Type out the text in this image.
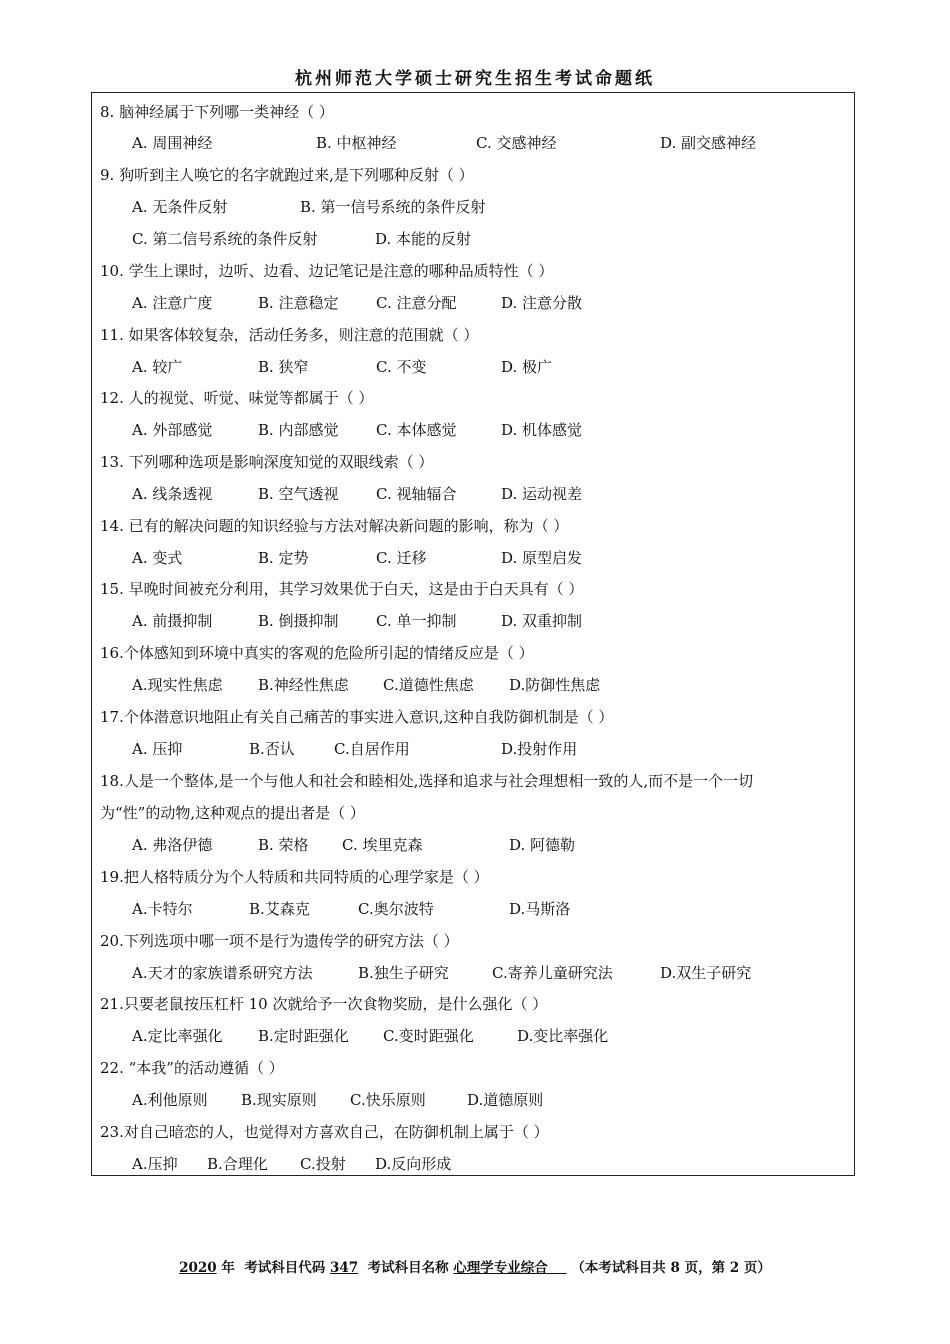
杭州师范大学硕士研究生招生考试命题纸
8. 脑神经属于下列哪一类神经（ ）
9. 狗听到主人唤它的名字就跑过来,是下列哪种反射（ ）
10. 学生上课时，边听、边看、边记笔记是注意的哪种品质特性（ ）
11. 如果客体较复杂，活动任务多，则注意的范围就（ ）
12. 人的视觉、听觉、味觉等都属于（ ）
13. 下列哪种选项是影响深度知觉的双眼线索（ ）
14. 已有的解决问题的知识经验与方法对解决新问题的影响，称为（ ）
15. 早晚时间被充分利用，其学习效果优于白天，这是由于白天具有（ ）
16.个体感知到环境中真实的客观的危险所引起的情绪反应是（ ）
17.个体潜意识地阻止有关自己痛苦的事实进入意识,这种自我防御机制是（ ）
18.人是一个整体,是一个与他人和社会和睦相处,选择和追求与社会理想相一致的人,而不是一个一切
为“性”的动物,这种观点的提出者是（ ）
19.把人格特质分为个人特质和共同特质的心理学家是（ ）
20.下列选项中哪一项不是行为遗传学的研究方法（ ）
21.只要老鼠按压杠杆 10 次就给予一次食物奖励，是什么强化（ ）
22. “本我”的活动遵循（ ）
23.对自己暗恋的人，也觉得对方喜欢自己，在防御机制上属于（ ）
A. 周围神经	B. 中枢神经	C. 交感神经	D. 副交感神经
A. 无条件反射	B. 第一信号系统的条件反射
C. 第二信号系统的条件反射	D. 本能的反射
A. 注意广度	B. 注意稳定 C. 注意分配	D. 注意分散
A. 较广	B. 狭窄	C. 不变	D. 极广
A. 外部感觉	B. 内部感觉 C. 本体感觉	D. 机体感觉
A. 线条透视	B. 空气透视 C. 视轴辐合	D. 运动视差
A. 变式	B. 定势	C. 迁移	D. 原型启发
A. 前摄抑制	B. 倒摄抑制 C. 单一抑制	D. 双重抑制
A.现实性焦虑 B.神经性焦虑 C.道德性焦虑 D.防御性焦虑
A. 压抑	B.否认	C.自居作用	D.投射作用
A. 弗洛伊德	B. 荣格 C. 埃里克森	D. 阿德勒
A.卡特尔	B.艾森克	C.奥尔波特	D.马斯洛
A.天才的家族谱系研究方法	B.独生子研究	C.寄养儿童研究法	D.双生子研究
A.定比率强化 B.定时距强化 C.变时距强化	D.变比率强化
A.利他原则 B.现实原则 C.快乐原则	D.道德原则
A.压抑 B.合理化 C.投射 D.反向形成
2020 年  考试科目代码 347  考试科目名称 心理学专业综合     （本考试科目共 8 页，第 2 页）
